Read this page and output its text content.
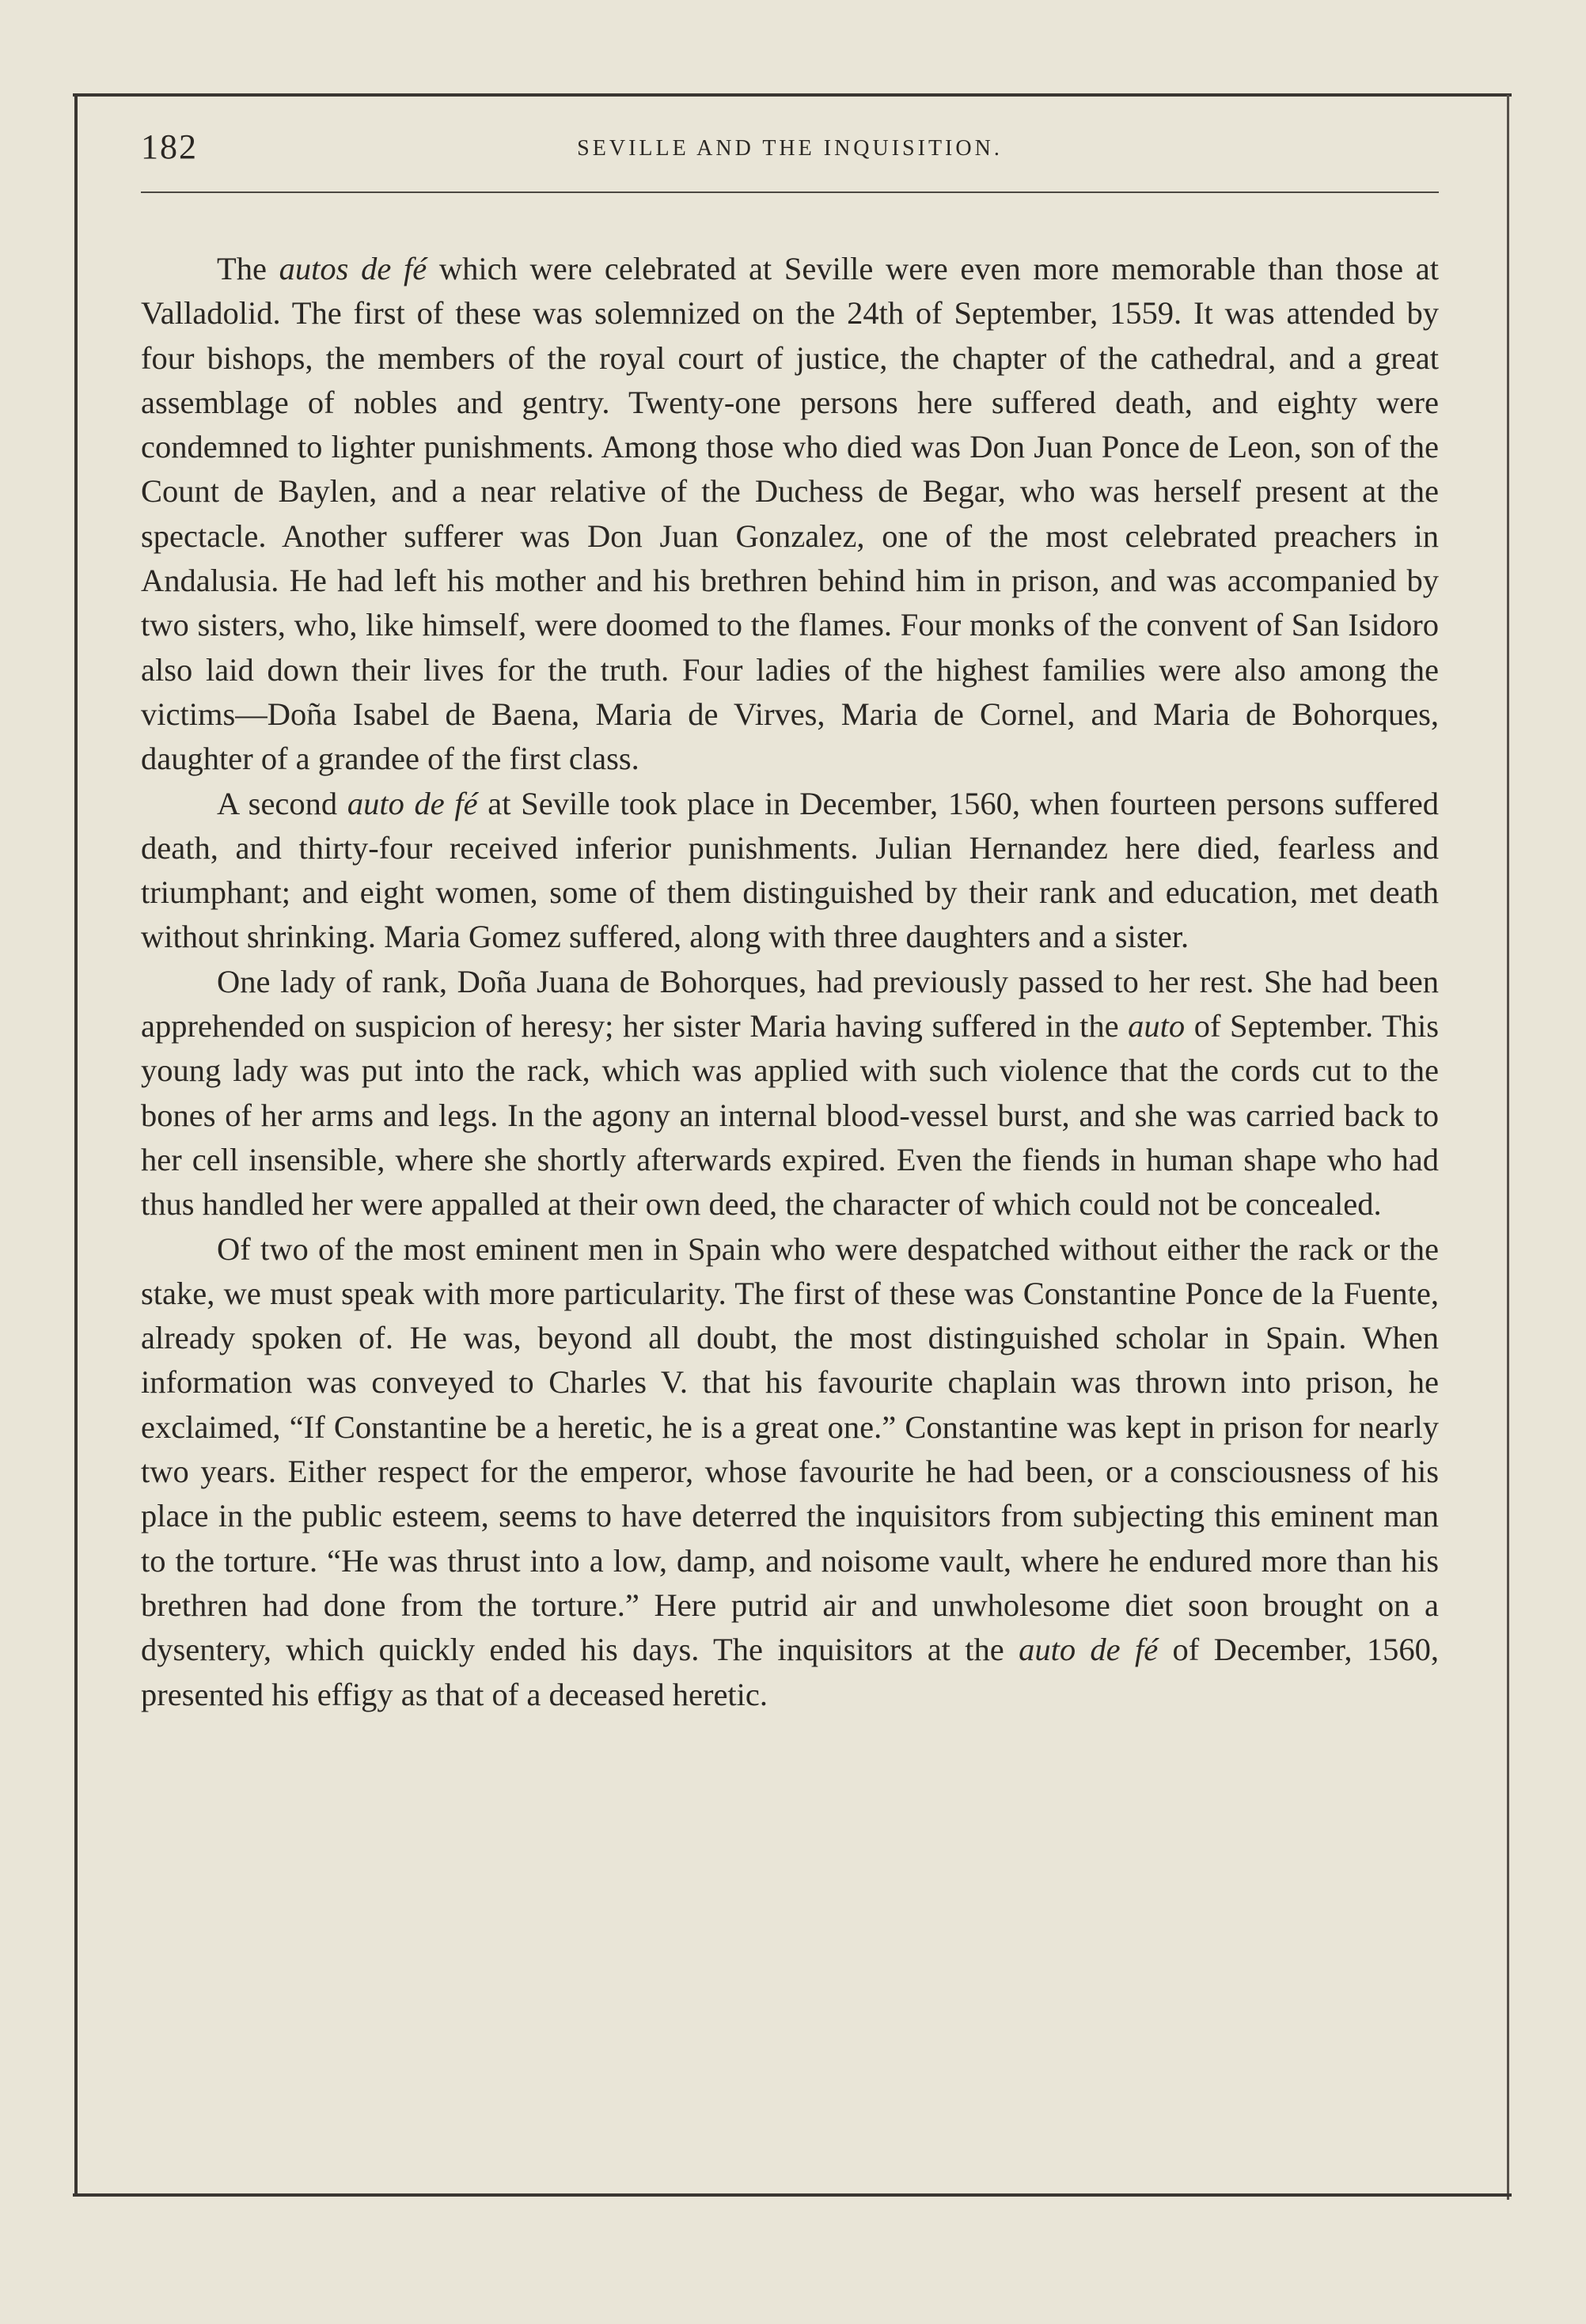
182	SEVILLE AND THE INQUISITION.

The autos de fé which were celebrated at Seville were even more memorable than those at Valladolid. The first of these was solemnized on the 24th of September, 1559. It was attended by four bishops, the members of the royal court of justice, the chapter of the cathedral, and a great assemblage of nobles and gentry. Twenty-one persons here suffered death, and eighty were condemned to lighter punishments. Among those who died was Don Juan Ponce de Leon, son of the Count de Baylen, and a near relative of the Duchess de Begar, who was herself present at the spectacle. Another sufferer was Don Juan Gonzalez, one of the most celebrated preachers in Andalusia. He had left his mother and his brethren behind him in prison, and was accompanied by two sisters, who, like himself, were doomed to the flames. Four monks of the convent of San Isidoro also laid down their lives for the truth. Four ladies of the highest families were also among the victims—Doña Isabel de Baena, Maria de Virves, Maria de Cornel, and Maria de Bohorques, daughter of a grandee of the first class.

A second auto de fé at Seville took place in December, 1560, when fourteen persons suffered death, and thirty-four received inferior punishments. Julian Hernandez here died, fearless and triumphant; and eight women, some of them distinguished by their rank and education, met death without shrinking. Maria Gomez suffered, along with three daughters and a sister.

One lady of rank, Doña Juana de Bohorques, had previously passed to her rest. She had been apprehended on suspicion of heresy; her sister Maria having suffered in the auto of September. This young lady was put into the rack, which was applied with such violence that the cords cut to the bones of her arms and legs. In the agony an internal blood-vessel burst, and she was carried back to her cell insensible, where she shortly afterwards expired. Even the fiends in human shape who had thus handled her were appalled at their own deed, the character of which could not be concealed.

Of two of the most eminent men in Spain who were despatched without either the rack or the stake, we must speak with more particularity. The first of these was Constantine Ponce de la Fuente, already spoken of. He was, beyond all doubt, the most distinguished scholar in Spain. When information was conveyed to Charles V. that his favourite chaplain was thrown into prison, he exclaimed, “If Constantine be a heretic, he is a great one.” Constantine was kept in prison for nearly two years. Either respect for the emperor, whose favourite he had been, or a consciousness of his place in the public esteem, seems to have deterred the inquisitors from subjecting this eminent man to the torture. “He was thrust into a low, damp, and noisome vault, where he endured more than his brethren had done from the torture.” Here putrid air and unwholesome diet soon brought on a dysentery, which quickly ended his days. The inquisitors at the auto de fé of December, 1560, presented his effigy as that of a deceased heretic.
